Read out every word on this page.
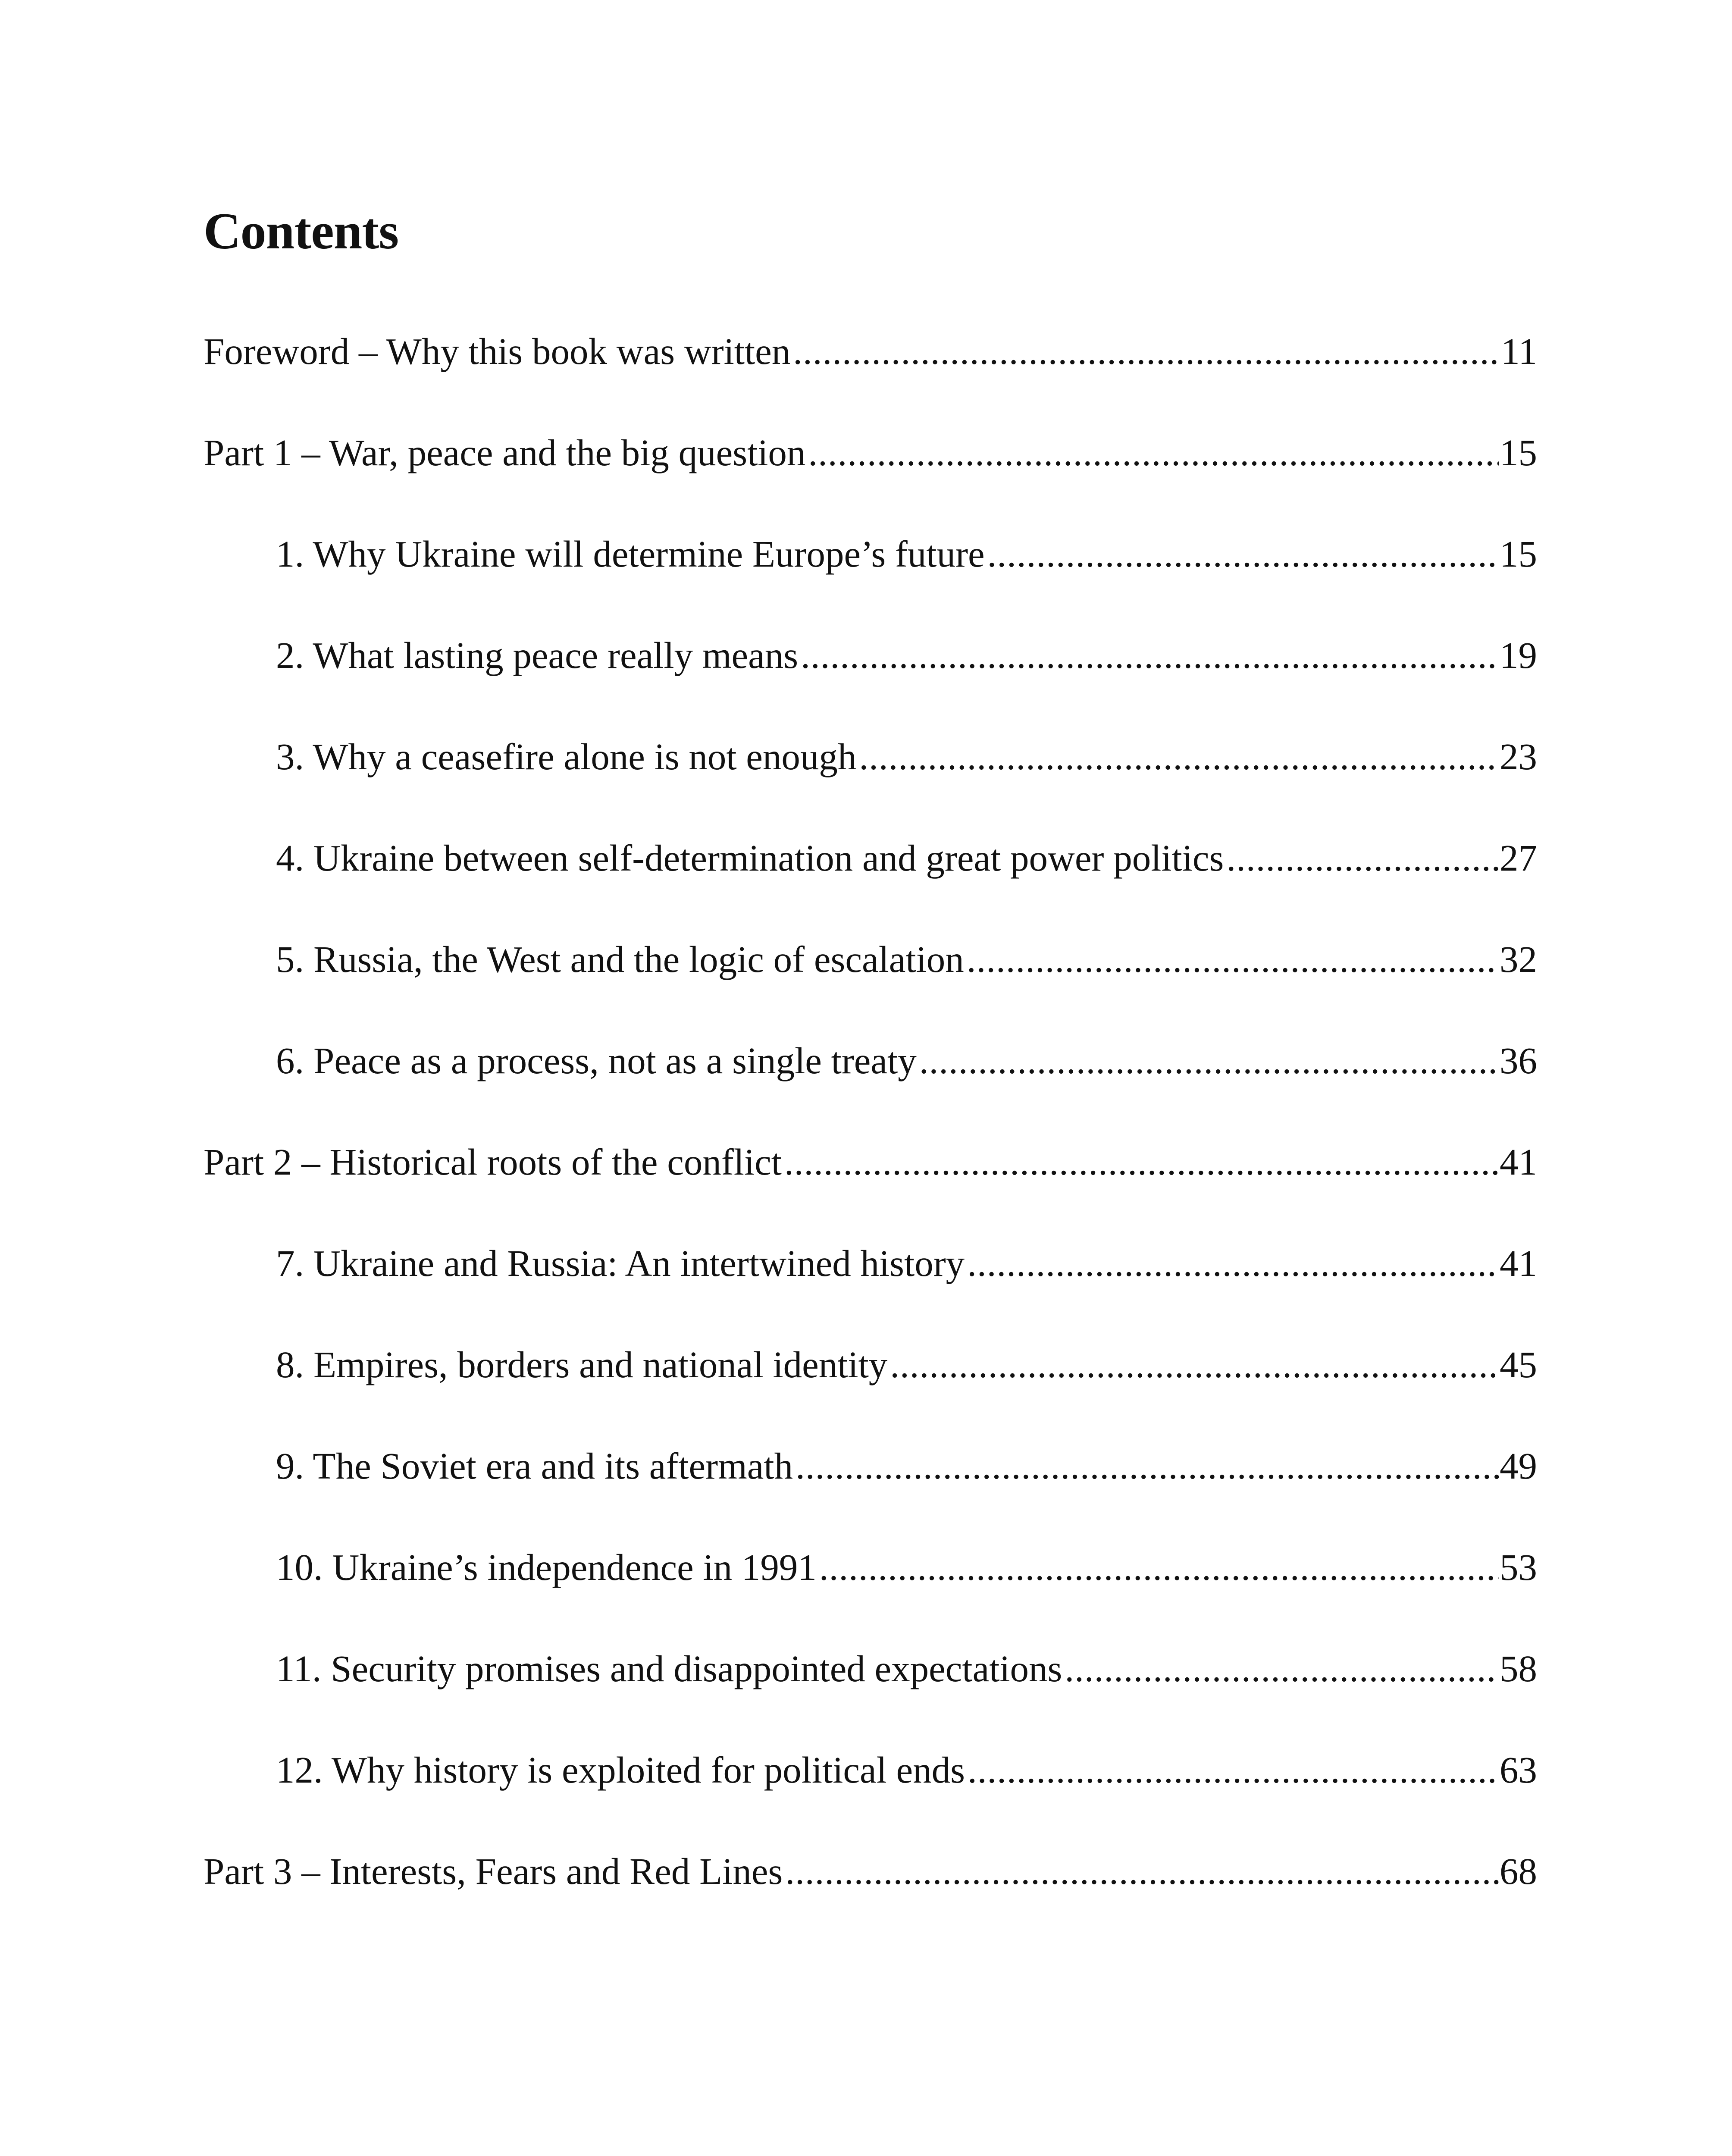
Contents
Foreword – Why this book was written .....	11
Part 1 – War, peace and the big question .....	15
1. Why Ukraine will determine Europe’s future .....	15
2. What lasting peace really means .....	19
3. Why a ceasefire alone is not enough .....	23
4. Ukraine between self-determination and great power politics .....	27
5. Russia, the West and the logic of escalation .....	32
6. Peace as a process, not as a single treaty .....	36
Part 2 – Historical roots of the conflict .....	41
7. Ukraine and Russia: An intertwined history .....	41
8. Empires, borders and national identity .....	45
9. The Soviet era and its aftermath .....	49
10. Ukraine’s independence in 1991 .....	53
11. Security promises and disappointed expectations .....	58
12. Why history is exploited for political ends .....	63
Part 3 – Interests, Fears and Red Lines .....	68
